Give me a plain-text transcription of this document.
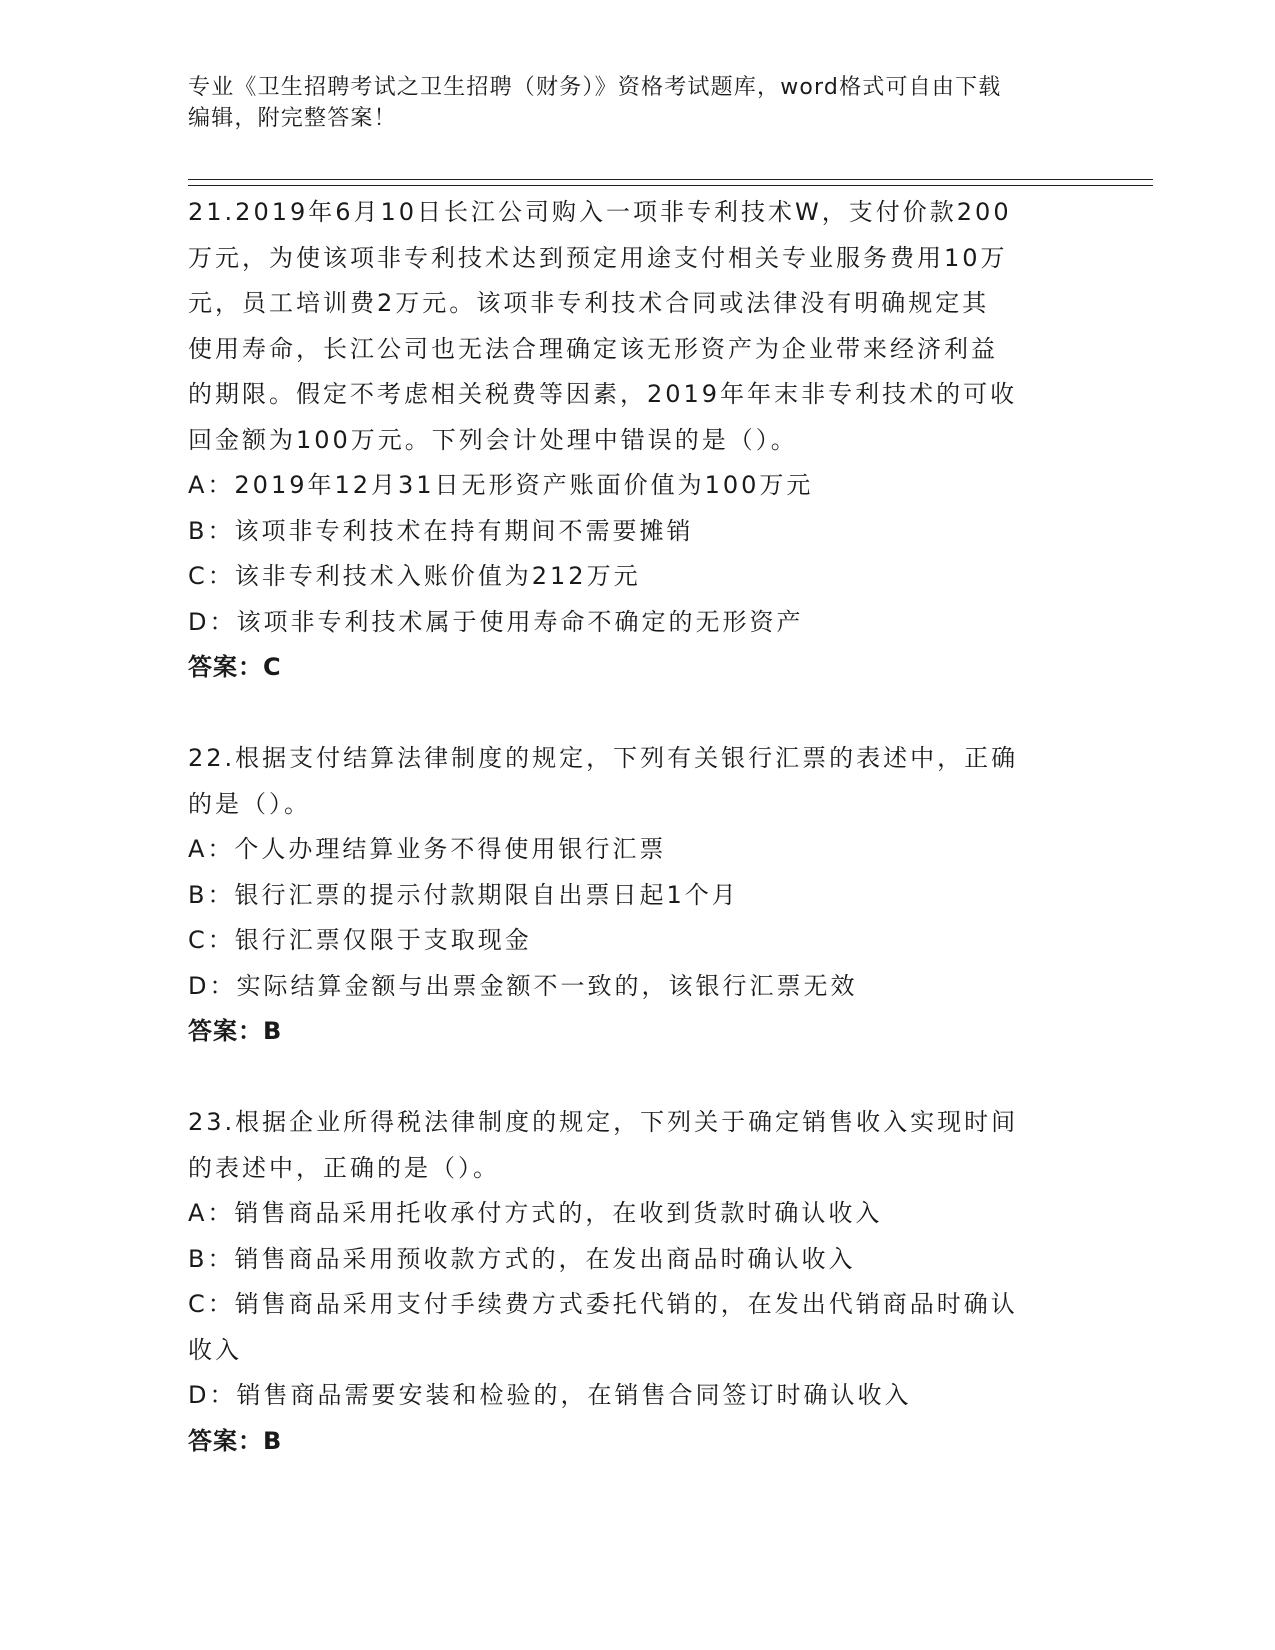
专业《卫生招聘考试之卫生招聘（财务）》资格考试题库，word格式可自由下载
编辑，附完整答案！
21.2019年6月10日长江公司购入一项非专利技术W，支付价款200
万元，为使该项非专利技术达到预定用途支付相关专业服务费用10万
元，员工培训费2万元。该项非专利技术合同或法律没有明确规定其
使用寿命，长江公司也无法合理确定该无形资产为企业带来经济利益
的期限。假定不考虑相关税费等因素，2019年年末非专利技术的可收
回金额为100万元。下列会计处理中错误的是（）。
A：2019年12月31日无形资产账面价值为100万元
B：该项非专利技术在持有期间不需要摊销
C：该非专利技术入账价值为212万元
D：该项非专利技术属于使用寿命不确定的无形资产
答案：C
22.根据支付结算法律制度的规定，下列有关银行汇票的表述中，正确
的是（）。
A：个人办理结算业务不得使用银行汇票
B：银行汇票的提示付款期限自出票日起1个月
C：银行汇票仅限于支取现金
D：实际结算金额与出票金额不一致的，该银行汇票无效
答案：B
23.根据企业所得税法律制度的规定，下列关于确定销售收入实现时间
的表述中，正确的是（）。
A：销售商品采用托收承付方式的，在收到货款时确认收入
B：销售商品采用预收款方式的，在发出商品时确认收入
C：销售商品采用支付手续费方式委托代销的，在发出代销商品时确认
收入
D：销售商品需要安装和检验的，在销售合同签订时确认收入
答案：B
